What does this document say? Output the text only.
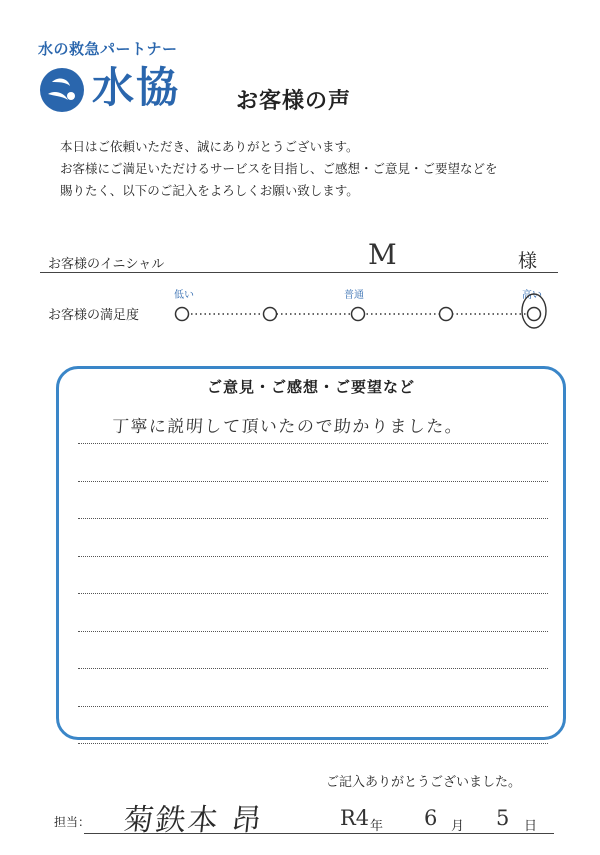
水の救急パートナー
水協	お客様の声

本日はご依頼いただき、誠にありがとうございます。

お客様にご満足いただけるサービスを目指し、ご感想・ご意見・ご要望などを

賜りたく、以下のご記入をよろしくお願い致します。

お客様のイニシャル	M	様
お客様の満足度
低い	普通	高い
ご意見・ご感想・ご要望など
丁寧に説明して頂いたので助かりました。
ご記入ありがとうございました。
担当： 菊鉄本 昂	R4 年 6 月 5 日
